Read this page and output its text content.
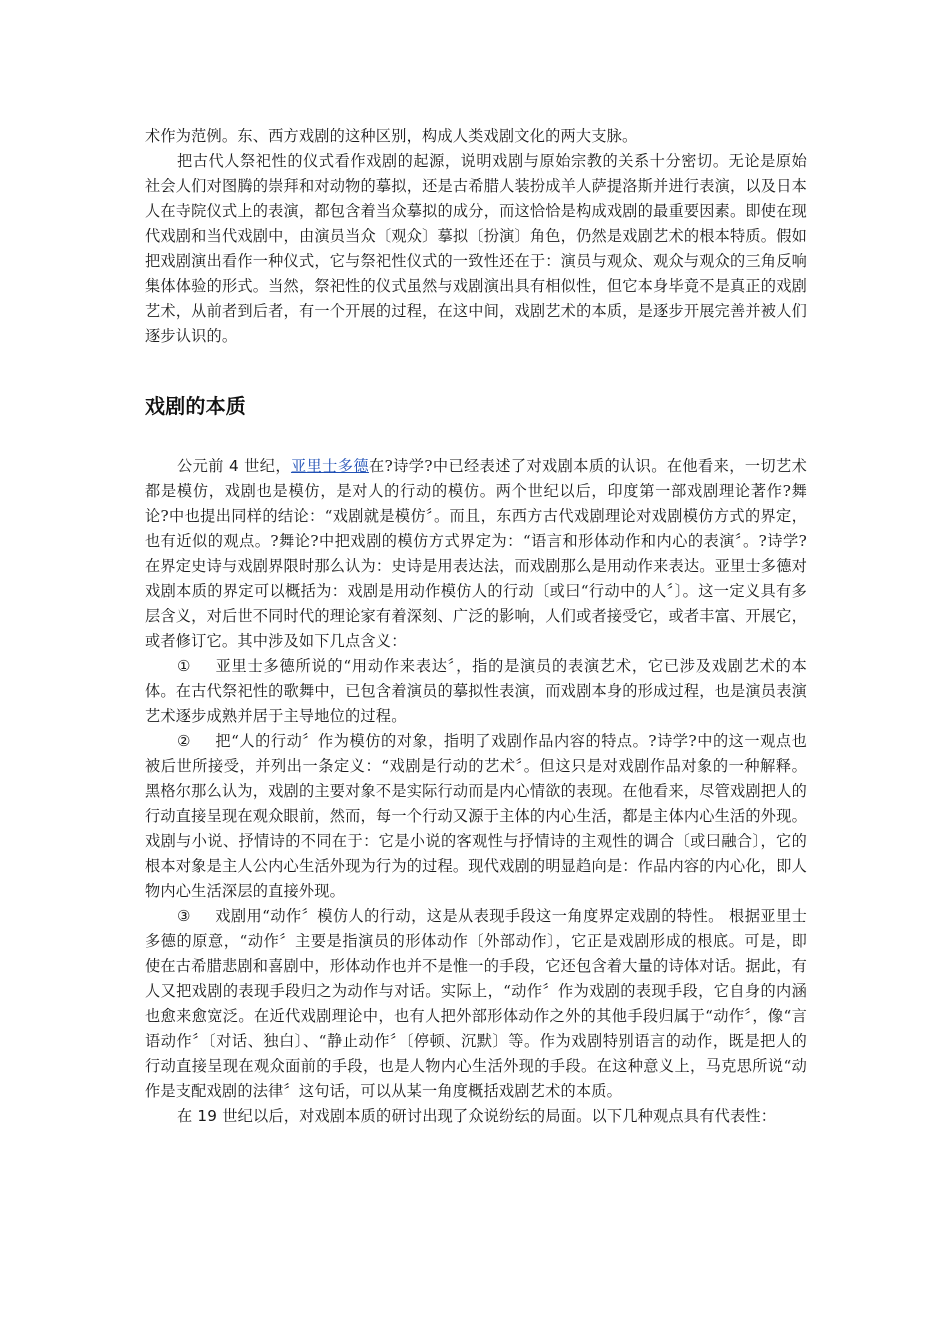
术作为范例。东、西方戏剧的这种区别，构成人类戏剧文化的两大支脉。

把古代人祭祀性的仪式看作戏剧的起源，说明戏剧与原始宗教的关系十分密切。无论是原始社会人们对图腾的崇拜和对动物的摹拟，还是古希腊人装扮成羊人萨提洛斯并进行表演，以及日本人在寺院仪式上的表演，都包含着当众摹拟的成分，而这恰恰是构成戏剧的最重要因素。即使在现代戏剧和当代戏剧中，由演员当众〔观众〕摹拟〔扮演〕角色，仍然是戏剧艺术的根本特质。假如把戏剧演出看作一种仪式，它与祭祀性仪式的一致性还在于：演员与观众、观众与观众的三角反响集体体验的形式。当然，祭祀性的仪式虽然与戏剧演出具有相似性，但它本身毕竟不是真正的戏剧艺术，从前者到后者，有一个开展的过程，在这中间，戏剧艺术的本质，是逐步开展完善并被人们逐步认识的。

戏剧的本质

公元前 4 世纪，亚里士多德在?诗学?中已经表述了对戏剧本质的认识。在他看来，一切艺术都是模仿，戏剧也是模仿，是对人的行动的模仿。两个世纪以后，印度第一部戏剧理论著作?舞论?中也提出同样的结论：“戏剧就是模仿〞。而且，东西方古代戏剧理论对戏剧模仿方式的界定，也有近似的观点。?舞论?中把戏剧的模仿方式界定为：“语言和形体动作和内心的表演〞。?诗学?在界定史诗与戏剧界限时那么认为：史诗是用表达法，而戏剧那么是用动作来表达。亚里士多德对戏剧本质的界定可以概括为：戏剧是用动作模仿人的行动〔或曰“行动中的人〞〕。这一定义具有多层含义，对后世不同时代的理论家有着深刻、广泛的影响，人们或者接受它，或者丰富、开展它，或者修订它。其中涉及如下几点含义：

① 亚里士多德所说的“用动作来表达〞，指的是演员的表演艺术，它已涉及戏剧艺术的本体。在古代祭祀性的歌舞中，已包含着演员的摹拟性表演，而戏剧本身的形成过程，也是演员表演艺术逐步成熟并居于主导地位的过程。

② 把“人的行动〞作为模仿的对象，指明了戏剧作品内容的特点。?诗学?中的这一观点也被后世所接受，并列出一条定义：“戏剧是行动的艺术〞。但这只是对戏剧作品对象的一种解释。黑格尔那么认为，戏剧的主要对象不是实际行动而是内心情欲的表现。在他看来，尽管戏剧把人的行动直接呈现在观众眼前，然而，每一个行动又源于主体的内心生活，都是主体内心生活的外现。戏剧与小说、抒情诗的不同在于：它是小说的客观性与抒情诗的主观性的调合〔或曰融合〕，它的根本对象是主人公内心生活外现为行为的过程。现代戏剧的明显趋向是：作品内容的内心化，即人物内心生活深层的直接外现。

③ 戏剧用“动作〞模仿人的行动，这是从表现手段这一角度界定戏剧的特性。 根据亚里士多德的原意，“动作〞主要是指演员的形体动作〔外部动作〕，它正是戏剧形成的根底。可是，即使在古希腊悲剧和喜剧中，形体动作也并不是惟一的手段，它还包含着大量的诗体对话。据此，有人又把戏剧的表现手段归之为动作与对话。实际上，“动作〞作为戏剧的表现手段，它自身的内涵也愈来愈宽泛。在近代戏剧理论中，也有人把外部形体动作之外的其他手段归属于“动作〞，像“言语动作〞〔对话、独白〕、“静止动作〞〔停顿、沉默〕等。作为戏剧特别语言的动作，既是把人的行动直接呈现在观众面前的手段，也是人物内心生活外现的手段。在这种意义上，马克思所说“动作是支配戏剧的法律〞这句话，可以从某一角度概括戏剧艺术的本质。

在 19 世纪以后，对戏剧本质的研讨出现了众说纷纭的局面。以下几种观点具有代表性：
